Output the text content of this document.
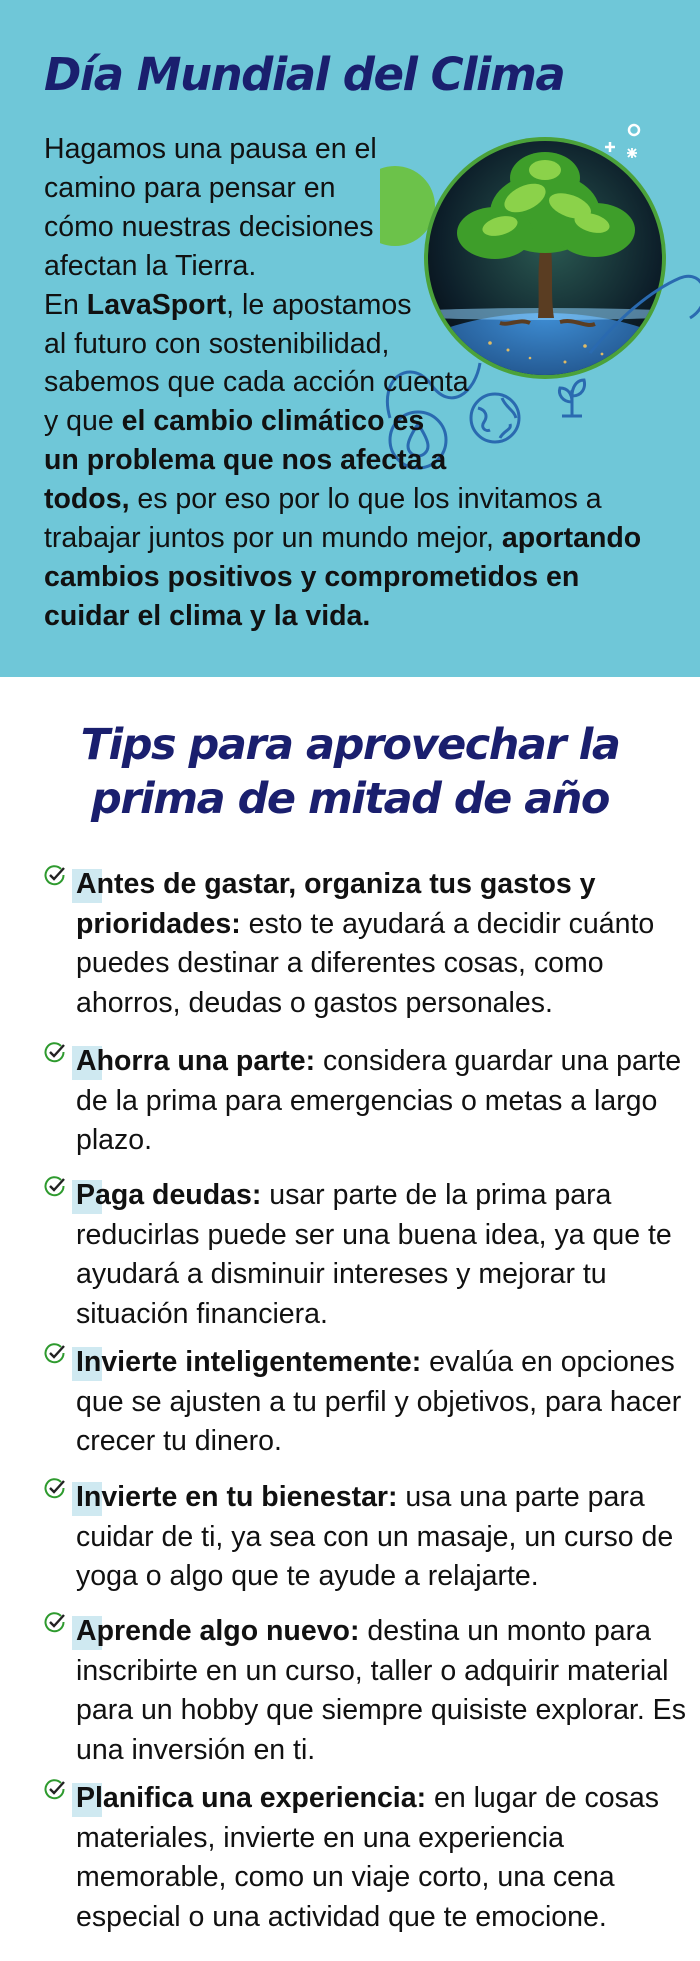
Día Mundial del Clima
Hagamos una pausa en el
camino para pensar en
cómo nuestras decisiones
afectan la Tierra.
En LavaSport, le apostamos
al futuro con sostenibilidad,
sabemos que cada acción cuenta
y que el cambio climático es
un problema que nos afecta a
todos, es por eso por lo que los invitamos a
trabajar juntos por un mundo mejor, aportando
cambios positivos y comprometidos en
cuidar el clima y la vida.
Tips para aprovechar la
prima de mitad de año
Antes de gastar, organiza tus gastos y
prioridades: esto te ayudará a decidir cuánto
puedes destinar a diferentes cosas, como
ahorros, deudas o gastos personales.
Ahorra una parte: considera guardar una parte
de la prima para emergencias o metas a largo
plazo.
Paga deudas: usar parte de la prima para
reducirlas puede ser una buena idea, ya que te
ayudará a disminuir intereses y mejorar tu
situación financiera.
Invierte inteligentemente: evalúa en opciones
que se ajusten a tu perfil y objetivos, para hacer
crecer tu dinero.
Invierte en tu bienestar: usa una parte para
cuidar de ti, ya sea con un masaje, un curso de
yoga o algo que te ayude a relajarte.
Aprende algo nuevo: destina un monto para
inscribirte en un curso, taller o adquirir material
para un hobby que siempre quisiste explorar. Es
una inversión en ti.
Planifica una experiencia: en lugar de cosas
materiales, invierte en una experiencia
memorable, como un viaje corto, una cena
especial o una actividad que te emocione.
